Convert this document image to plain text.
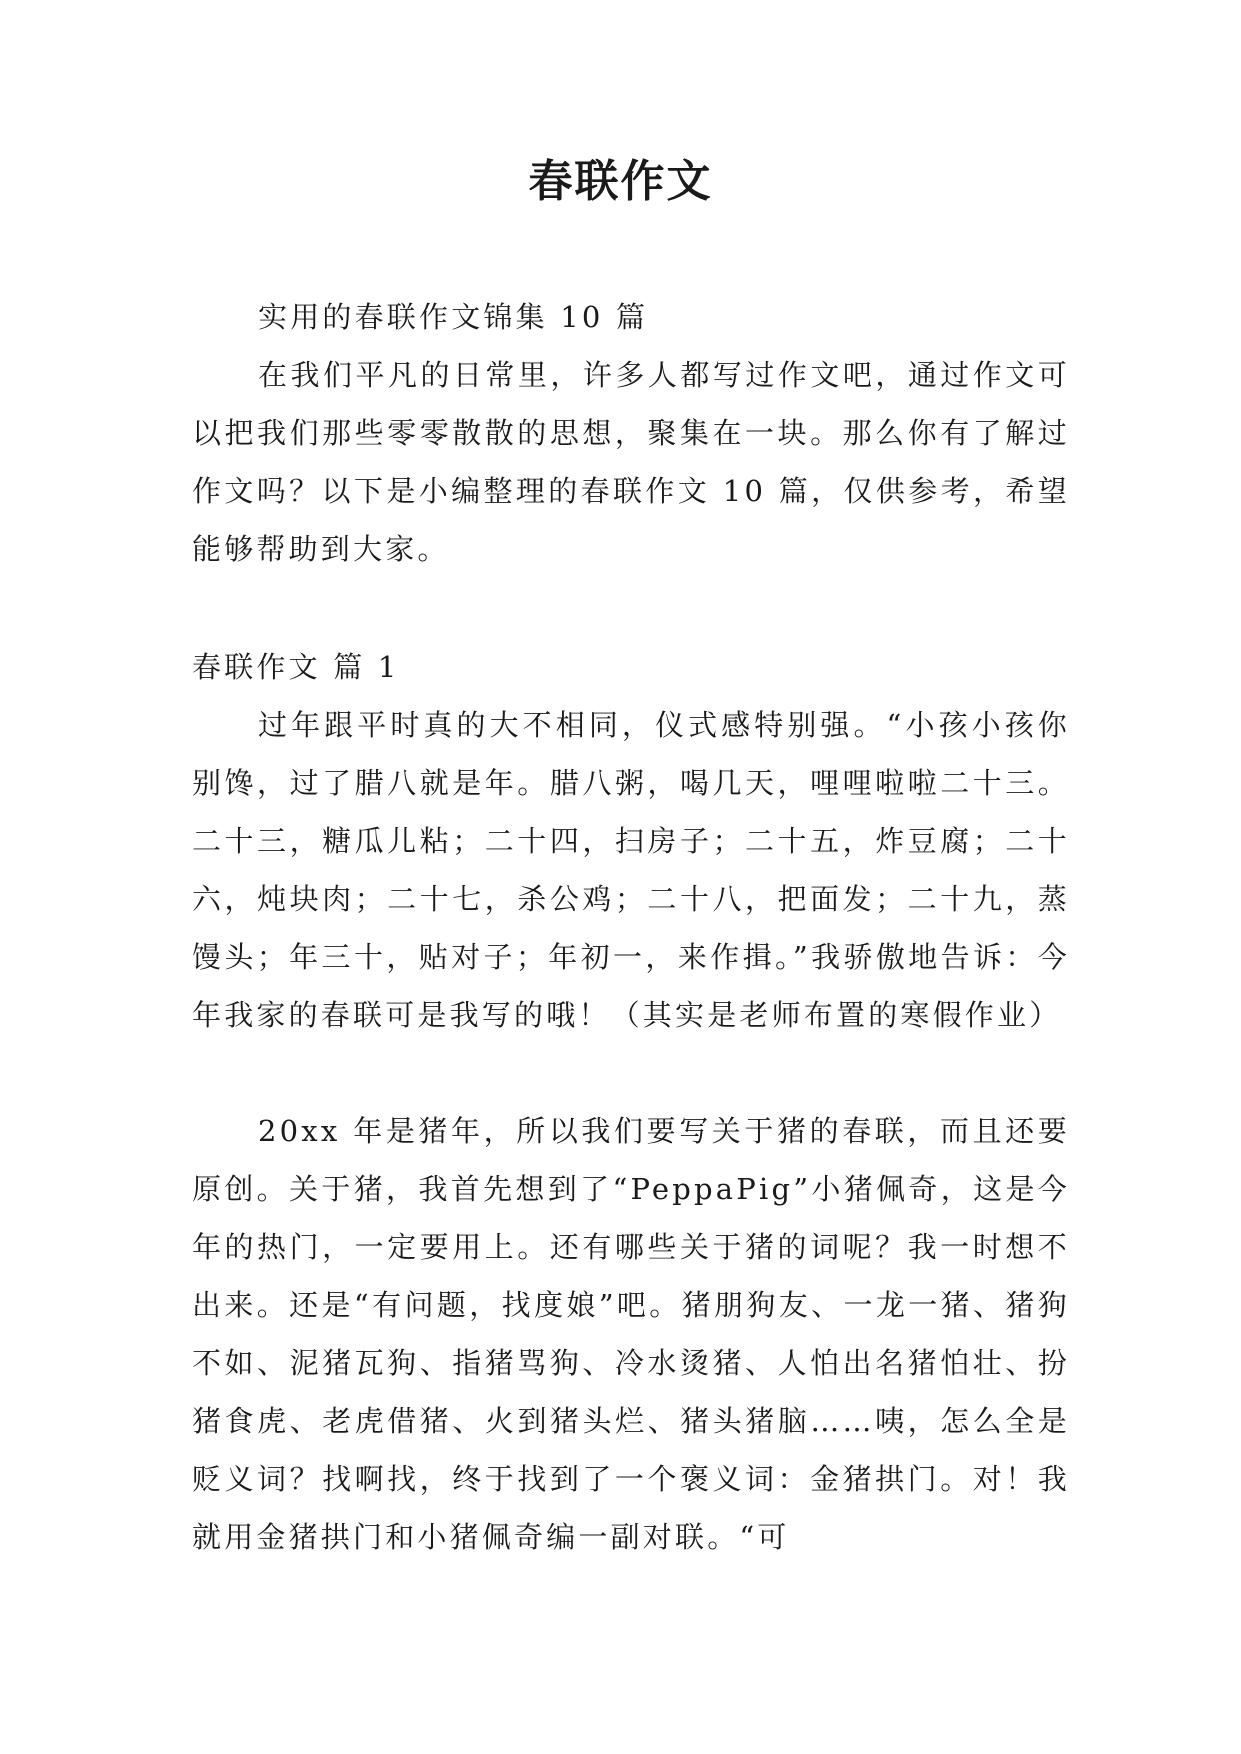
春联作文

实用的春联作文锦集 10 篇

在我们平凡的日常里，许多人都写过作文吧，通过作文可以把我们那些零零散散的思想，聚集在一块。那么你有了解过作文吗？以下是小编整理的春联作文 10 篇，仅供参考，希望能够帮助到大家。

春联作文 篇 1

过年跟平时真的大不相同，仪式感特别强。“小孩小孩你别馋，过了腊八就是年。腊八粥，喝几天，哩哩啦啦二十三。二十三，糖瓜儿粘；二十四，扫房子；二十五，炸豆腐；二十六，炖块肉；二十七，杀公鸡；二十八，把面发；二十九，蒸馒头；年三十，贴对子；年初一，来作揖。”我骄傲地告诉：今年我家的春联可是我写的哦！（其实是老师布置的寒假作业）

20xx 年是猪年，所以我们要写关于猪的春联，而且还要原创。关于猪，我首先想到了“PeppaPig”小猪佩奇，这是今年的热门，一定要用上。还有哪些关于猪的词呢？我一时想不出来。还是“有问题，找度娘”吧。猪朋狗友、一龙一猪、猪狗不如、泥猪瓦狗、指猪骂狗、冷水烫猪、人怕出名猪怕壮、扮猪食虎、老虎借猪、火到猪头烂、猪头猪脑……咦，怎么全是贬义词？找啊找，终于找到了一个褒义词：金猪拱门。对！我就用金猪拱门和小猪佩奇编一副对联。“可
